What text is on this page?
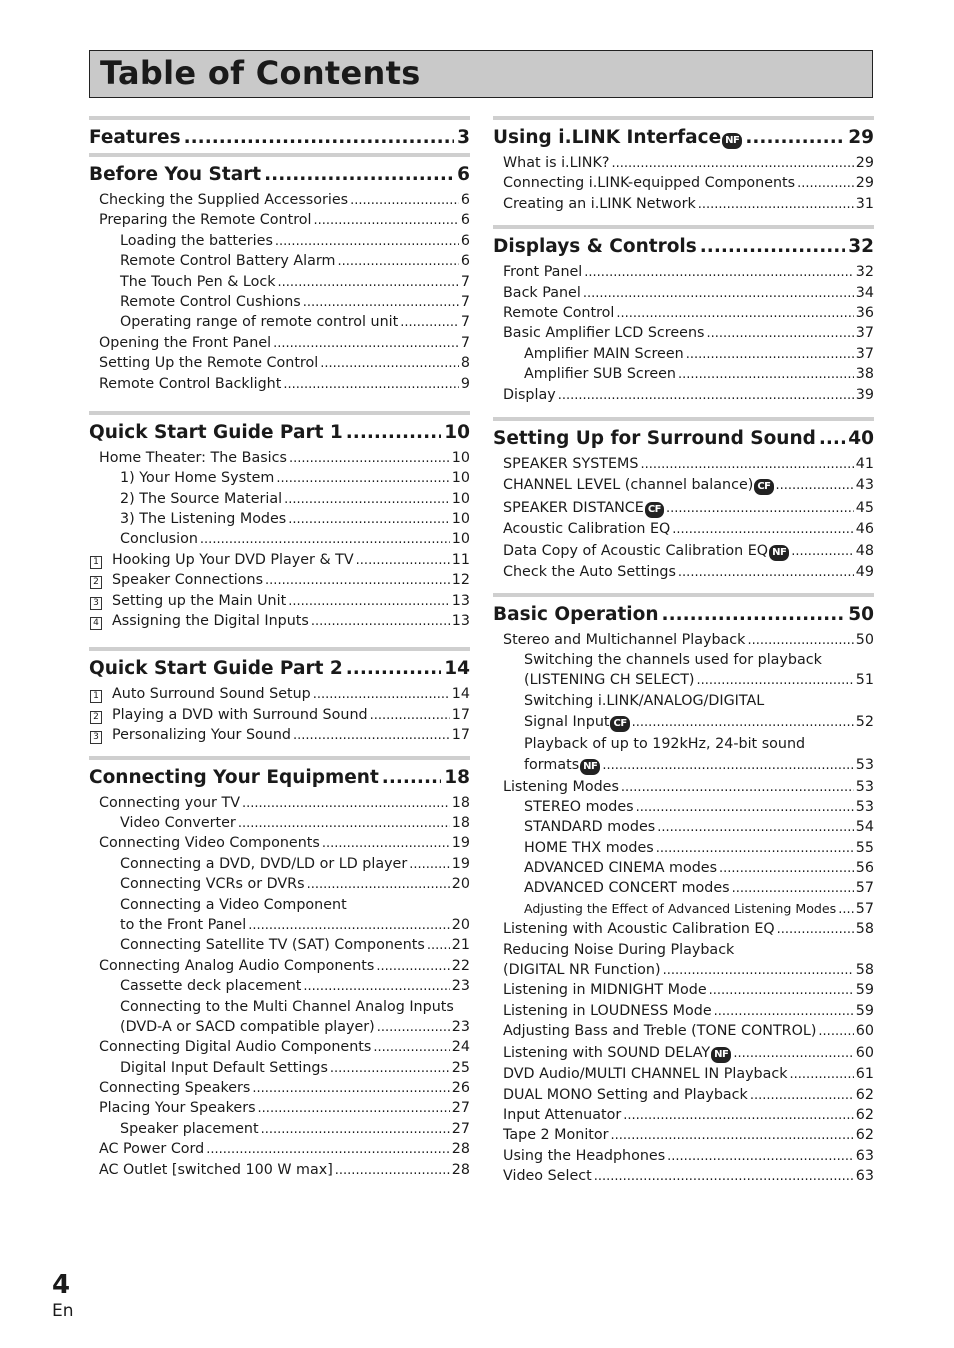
Table of Contents
Features .....	3
Before You Start .....	6
Checking the Supplied Accessories .....	6
Preparing the Remote Control .....	6
Loading the batteries .....	6
Remote Control Battery Alarm .....	6
The Touch Pen & Lock .....	7
Remote Control Cushions .....	7
Operating range of remote control unit .....	7
Opening the Front Panel .....	7
Setting Up the Remote Control .....	8
Remote Control Backlight .....	9
Quick Start Guide Part 1 .....	10
Home Theater: The Basics .....	10
1) Your Home System .....	10
2) The Source Material .....	10
3) The Listening Modes .....	10
Conclusion .....	10
1 Hooking Up Your DVD Player & TV .....	11
2 Speaker Connections .....	12
3 Setting up the Main Unit .....	13
4 Assigning the Digital Inputs .....	13
Quick Start Guide Part 2 .....	14
1 Auto Surround Sound Setup .....	14
2 Playing a DVD with Surround Sound .....	17
3 Personalizing Your Sound .....	17
Connecting Your Equipment .....	18
Connecting your TV .....	18
Video Converter .....	18
Connecting Video Components .....	19
Connecting a DVD, DVD/LD or LD player .....	19
Connecting VCRs or DVRs .....	20
Connecting a Video Component
to the Front Panel .....	20
Connecting Satellite TV (SAT) Components ..... 21
Connecting Analog Audio Components .....	22
Cassette deck placement .....	23
Connecting to the Multi Channel Analog Inputs
(DVD-A or SACD compatible player) .....	23
Connecting Digital Audio Components .....	24
Digital Input Default Settings .....	25
Connecting Speakers .....	26
Placing Your Speakers .....	27
Speaker placement .....	27
AC Power Cord .....	28
AC Outlet [switched 100 W max] .....	28
Using i.LINK Interface NF .....	29
What is i.LINK? .....	29
Connecting i.LINK-equipped Components .....	29
Creating an i.LINK Network .....	31
Displays & Controls .....	32
Front Panel .....	32
Back Panel .....	34
Remote Control .....	36
Basic Amplifier LCD Screens .....	37
Amplifier MAIN Screen .....	37
Amplifier SUB Screen .....	38
Display .....	39
Setting Up for Surround Sound ..... 40
SPEAKER SYSTEMS .....	41
CHANNEL LEVEL (channel balance) CF .....	43
SPEAKER DISTANCE CF .....	45
Acoustic Calibration EQ .....	46
Data Copy of Acoustic Calibration EQ NF .....	48
Check the Auto Settings .....	49
Basic Operation .....	50
Stereo and Multichannel Playback .....	50
Switching the channels used for playback
(LISTENING CH SELECT) .....	51
Switching i.LINK/ANALOG/DIGITAL
Signal Input CF .....	52
Playback of up to 192kHz, 24-bit sound
formats NF .....	53
Listening Modes .....	53
STEREO modes .....	53
STANDARD modes .....	54
HOME THX modes .....	55
ADVANCED CINEMA modes .....	56
ADVANCED CONCERT modes .....	57
Adjusting the Effect of Advanced Listening Modes ..... 57
Listening with Acoustic Calibration EQ .....	58
Reducing Noise During Playback
(DIGITAL NR Function) .....	58
Listening in MIDNIGHT Mode .....	59
Listening in LOUDNESS Mode .....	59
Adjusting Bass and Treble (TONE CONTROL) .....	60
Listening with SOUND DELAY NF .....	60
DVD Audio/MULTI CHANNEL IN Playback .....	61
DUAL MONO Setting and Playback .....	62
Input Attenuator .....	62
Tape 2 Monitor .....	62
Using the Headphones .....	63
Video Select .....	63
4
En
